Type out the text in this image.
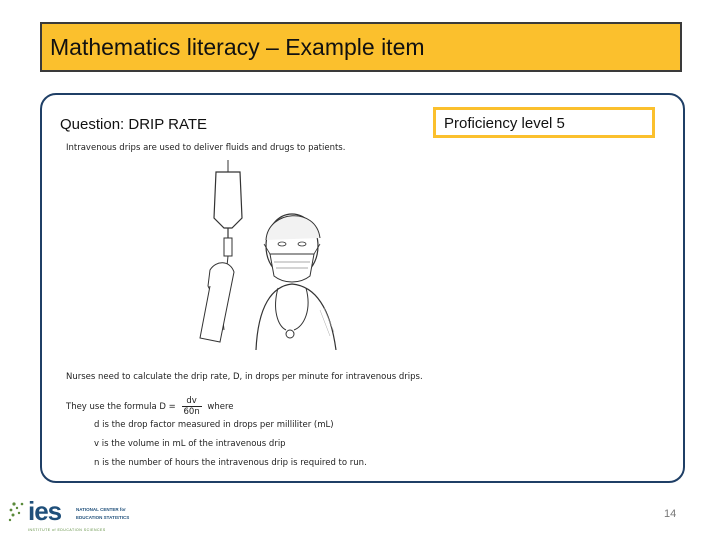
Mathematics literacy – Example item
Question: DRIP RATE	Proficiency level 5
Intravenous drips are used to deliver fluids and drugs to patients.
Nurses need to calculate the drip rate, D, in drops per minute for intravenous drips.
They use the formula $D = \frac{dv}{60n}$ where
d is the drop factor measured in drops per milliliter (mL)
v is the volume in mL of the intravenous drip
n is the number of hours the intravenous drip is required to run.
ies	NATIONAL CENTER for
EDUCATION STATISTICS
INSTITUTE of EDUCATION SCIENCES
14
